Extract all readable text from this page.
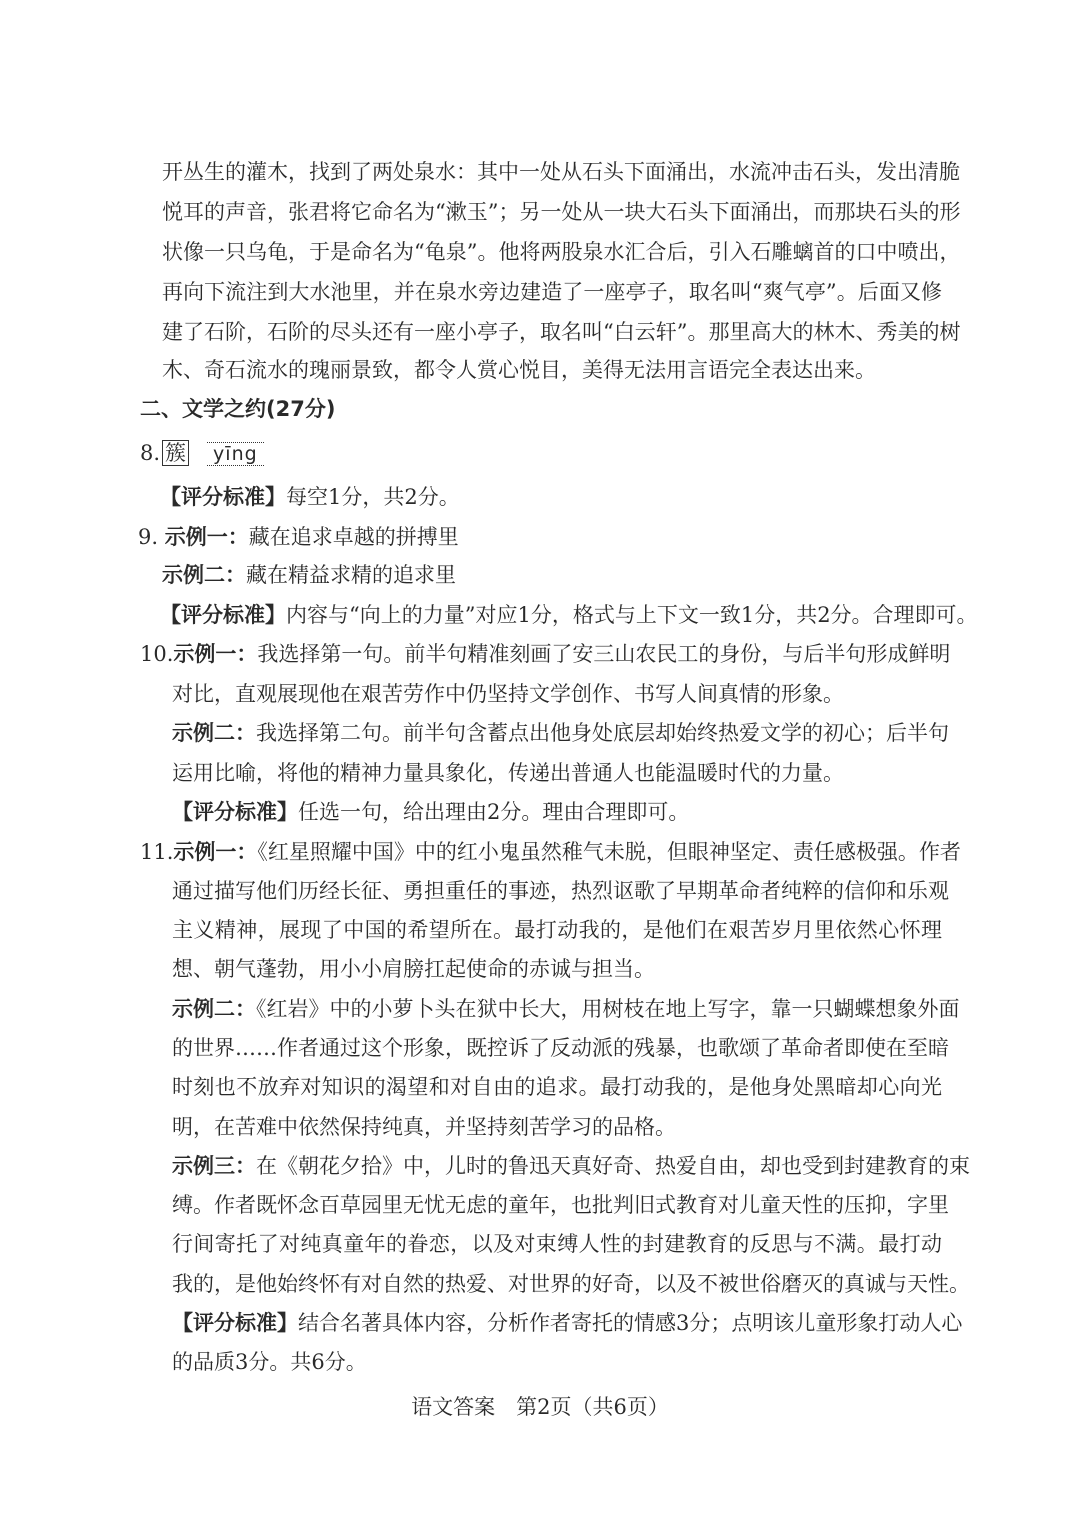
开丛生的灌木，找到了两处泉水：其中一处从石头下面涌出，水流冲击石头，发出清脆
悦耳的声音，张君将它命名为“漱玉”；另一处从一块大石头下面涌出，而那块石头的形
状像一只乌龟，于是命名为“龟泉”。他将两股泉水汇合后，引入石雕螭首的口中喷出，
再向下流注到大水池里，并在泉水旁边建造了一座亭子，取名叫“爽气亭”。后面又修
建了石阶，石阶的尽头还有一座小亭子，取名叫“白云轩”。那里高大的林木、秀美的树
木、奇石流水的瑰丽景致，都令人赏心悦目，美得无法用言语完全表达出来。
二、文学之约(27分)
8. 簇 yīng
【评分标准】每空1分，共2分。
9. 示例一：藏在追求卓越的拼搏里
示例二：藏在精益求精的追求里
【评分标准】内容与“向上的力量”对应1分，格式与上下文一致1分，共2分。合理即可。
10.示例一：我选择第一句。前半句精准刻画了安三山农民工的身份，与后半句形成鲜明
对比，直观展现他在艰苦劳作中仍坚持文学创作、书写人间真情的形象。
示例二：我选择第二句。前半句含蓄点出他身处底层却始终热爱文学的初心；后半句
运用比喻，将他的精神力量具象化，传递出普通人也能温暖时代的力量。
【评分标准】任选一句，给出理由2分。理由合理即可。
11.示例一：《红星照耀中国》中的红小鬼虽然稚气未脱，但眼神坚定、责任感极强。作者
通过描写他们历经长征、勇担重任的事迹，热烈讴歌了早期革命者纯粹的信仰和乐观
主义精神，展现了中国的希望所在。最打动我的，是他们在艰苦岁月里依然心怀理
想、朝气蓬勃，用小小肩膀扛起使命的赤诚与担当。
示例二：《红岩》中的小萝卜头在狱中长大，用树枝在地上写字，靠一只蝴蝶想象外面
的世界……作者通过这个形象，既控诉了反动派的残暴，也歌颂了革命者即使在至暗
时刻也不放弃对知识的渴望和对自由的追求。最打动我的，是他身处黑暗却心向光
明，在苦难中依然保持纯真，并坚持刻苦学习的品格。
示例三：在《朝花夕拾》中，儿时的鲁迅天真好奇、热爱自由，却也受到封建教育的束
缚。作者既怀念百草园里无忧无虑的童年，也批判旧式教育对儿童天性的压抑，字里
行间寄托了对纯真童年的眷恋，以及对束缚人性的封建教育的反思与不满。最打动
我的，是他始终怀有对自然的热爱、对世界的好奇，以及不被世俗磨灭的真诚与天性。
【评分标准】结合名著具体内容，分析作者寄托的情感3分；点明该儿童形象打动人心
的品质3分。共6分。
语文答案　第2页（共6页）
